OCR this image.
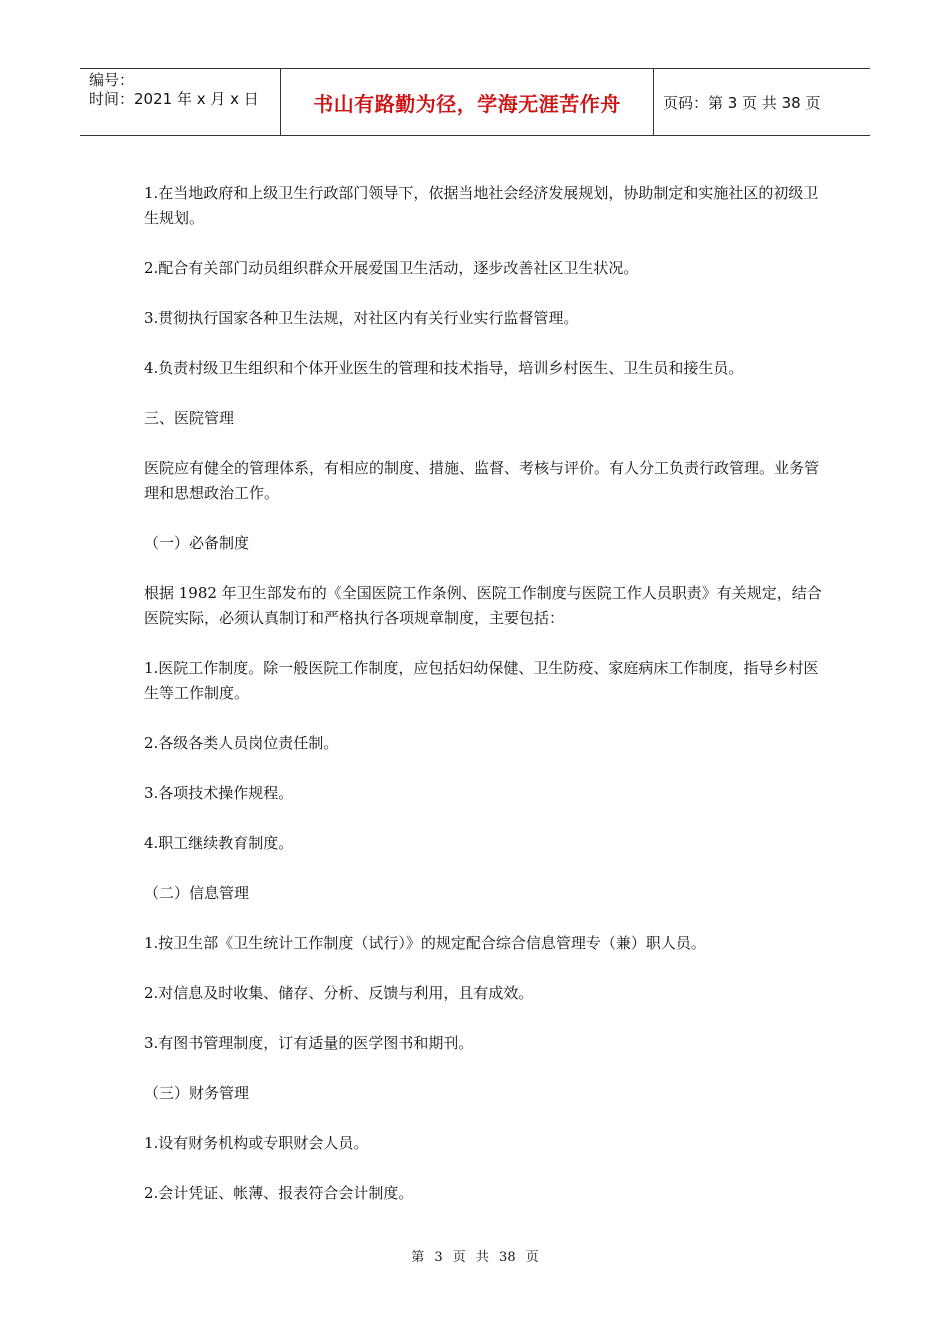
编号：
时间：2021 年 x 月 x 日	书山有路勤为径，学海无涯苦作舟	页码：第 3 页 共 38 页

1.在当地政府和上级卫生行政部门领导下，依据当地社会经济发展规划，协助制定和实施社区的初级卫生规划。

2.配合有关部门动员组织群众开展爱国卫生活动，逐步改善社区卫生状况。

3.贯彻执行国家各种卫生法规，对社区内有关行业实行监督管理。

4.负责村级卫生组织和个体开业医生的管理和技术指导，培训乡村医生、卫生员和接生员。

三、医院管理

医院应有健全的管理体系，有相应的制度、措施、监督、考核与评价。有人分工负责行政管理。业务管理和思想政治工作。

（一）必备制度

根据 1982 年卫生部发布的《全国医院工作条例、医院工作制度与医院工作人员职责》有关规定，结合医院实际，必须认真制订和严格执行各项规章制度，主要包括：

1.医院工作制度。除一般医院工作制度，应包括妇幼保健、卫生防疫、家庭病床工作制度，指导乡村医生等工作制度。

2.各级各类人员岗位责任制。

3.各项技术操作规程。

4.职工继续教育制度。

（二）信息管理

1.按卫生部《卫生统计工作制度（试行）》的规定配合综合信息管理专（兼）职人员。

2.对信息及时收集、储存、分析、反馈与利用，且有成效。

3.有图书管理制度，订有适量的医学图书和期刊。

（三）财务管理

1.设有财务机构或专职财会人员。

2.会计凭证、帐薄、报表符合会计制度。

第 3 页 共 38 页
